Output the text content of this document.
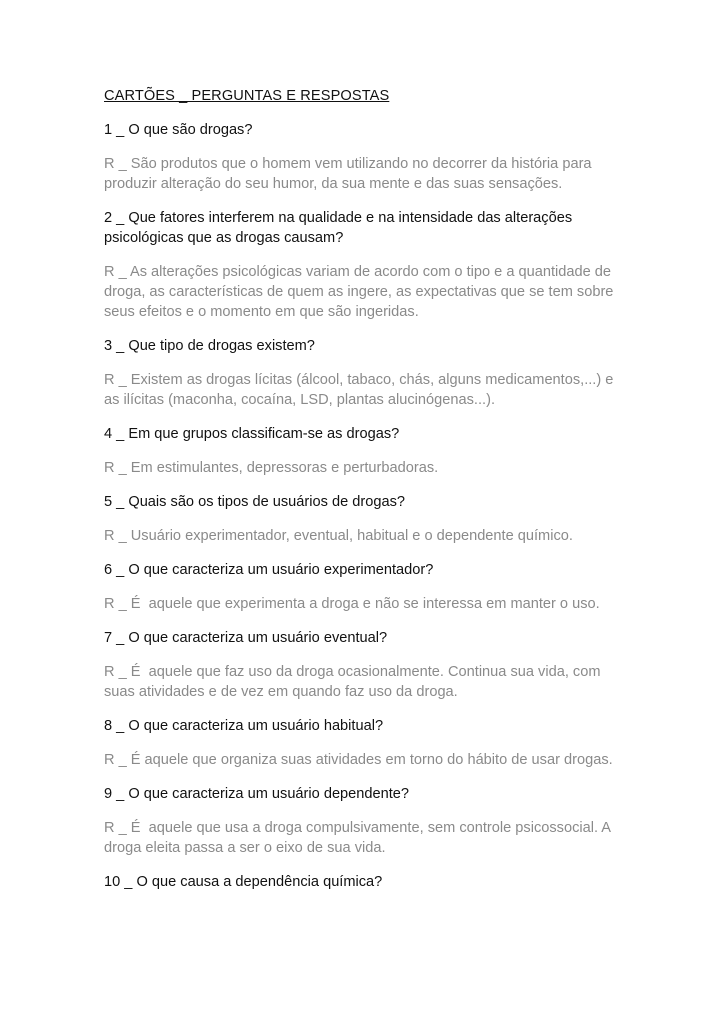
CARTÕES _ PERGUNTAS E RESPOSTAS
1 _ O que são drogas?
R _ São produtos que o homem vem utilizando no decorrer da história para produzir alteração do seu humor, da sua mente e das suas sensações.
2 _ Que fatores interferem na qualidade e na intensidade das alterações psicológicas que as drogas causam?
R _ As alterações psicológicas variam de acordo com o tipo e a quantidade de droga, as características de quem as ingere, as expectativas que se tem sobre seus efeitos e o momento em que são ingeridas.
3 _ Que tipo de drogas existem?
R _ Existem as drogas lícitas (álcool, tabaco, chás, alguns medicamentos,...) e as ilícitas (maconha, cocaína, LSD, plantas alucinógenas...).
4 _ Em que grupos classificam-se as drogas?
R _ Em estimulantes, depressoras e perturbadoras.
5 _ Quais são os tipos de usuários de drogas?
R _ Usuário experimentador, eventual, habitual e o dependente químico.
6 _ O que caracteriza um usuário experimentador?
R _ É  aquele que experimenta a droga e não se interessa em manter o uso.
7 _ O que caracteriza um usuário eventual?
R _ É  aquele que faz uso da droga ocasionalmente. Continua sua vida, com suas atividades e de vez em quando faz uso da droga.
8 _ O que caracteriza um usuário habitual?
R _ É aquele que organiza suas atividades em torno do hábito de usar drogas.
9 _ O que caracteriza um usuário dependente?
R _ É  aquele que usa a droga compulsivamente, sem controle psicossocial. A droga eleita passa a ser o eixo de sua vida.
10 _ O que causa a dependência química?
